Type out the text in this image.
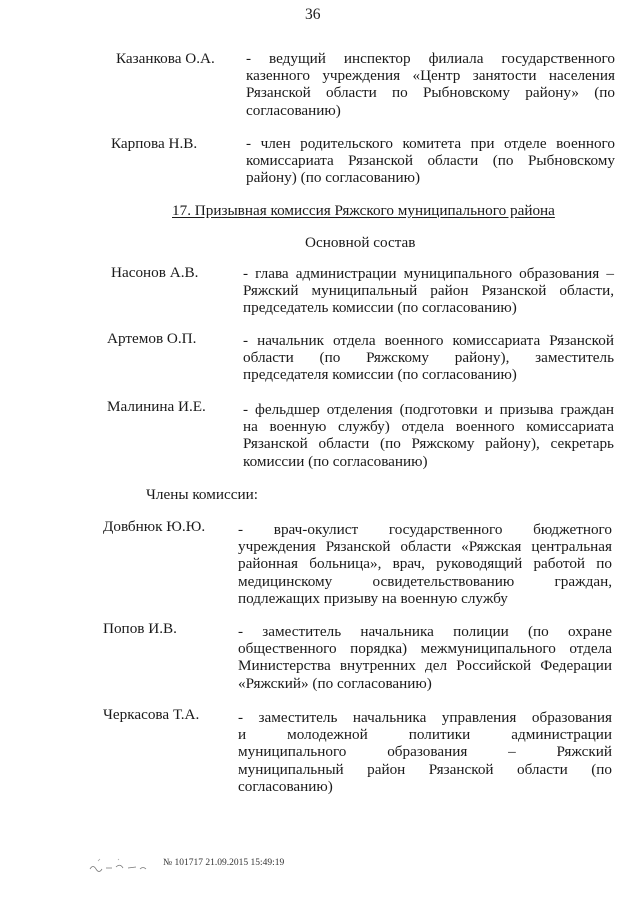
36
Казанкова О.А. - ведущий инспектор филиала государственного
казенного учреждения «Центр занятости населения
Рязанской области по Рыбновскому району» (по
согласованию)
Карпова Н.В.	- член родительского комитета при отделе военного
комиссариата Рязанской области (по Рыбновскому
району) (по согласованию)
17. Призывная комиссия Ряжского муниципального района
Основной состав
Насонов А.В.	- глава администрации муниципального образования –
Ряжский муниципальный район Рязанской области,
председатель комиссии (по согласованию)
Артемов О.П.	- начальник отдела военного комиссариата Рязанской
области (по Ряжскому району), заместитель
председателя комиссии (по согласованию)
Малинина И.Е. - фельдшер отделения (подготовки и призыва граждан
на военную службу) отдела военного комиссариата
Рязанской области (по Ряжскому району), секретарь
комиссии (по согласованию)
Члены комиссии:
Довбнюк Ю.Ю. - врач-окулист государственного бюджетного
учреждения Рязанской области «Ряжская центральная
районная больница», врач, руководящий работой по
медицинскому освидетельствованию граждан,
подлежащих призыву на военную службу
Попов И.В.	- заместитель начальника полиции (по охране
общественного порядка) межмуниципального отдела
Министерства внутренних дел Российской Федерации
«Ряжский» (по согласованию)
Черкасова Т.А.	- заместитель начальника управления образования
и молодежной политики администрации
муниципального образования – Ряжский
муниципальный район Рязанской области (по
согласованию)
№ 101717 21.09.2015 15:49:19
